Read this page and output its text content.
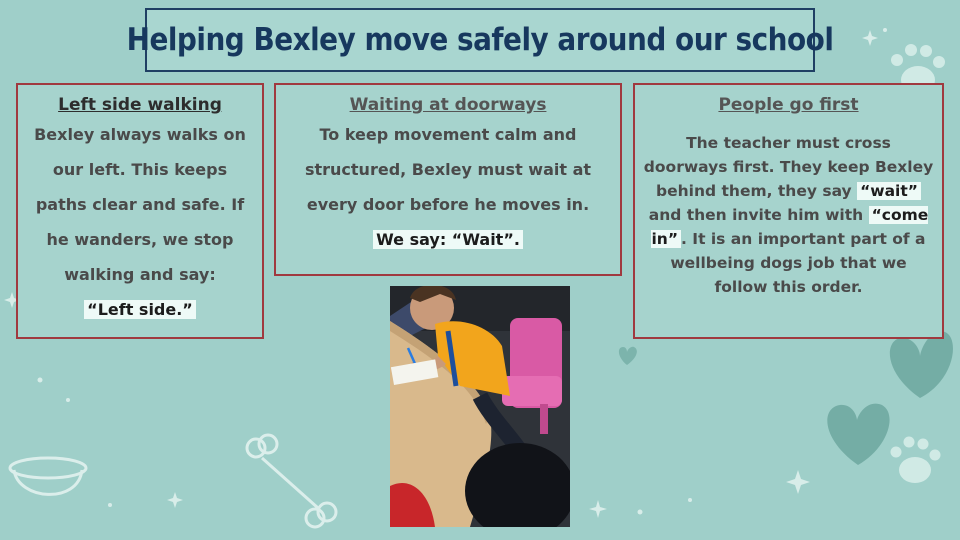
Helping Bexley move safely around our school
Left side walking
Bexley always walks on our left. This keeps paths clear and safe. If he wanders, we stop walking and say:
“Left side.”
Waiting at doorways
To keep movement calm and structured, Bexley must wait at every door before he moves in.
We say: “Wait”.
People go first
The teacher must cross doorways first. They keep Bexley behind them, they say “wait” and then invite him with “come in” . It is an important part of a wellbeing dogs job that we follow this order.
